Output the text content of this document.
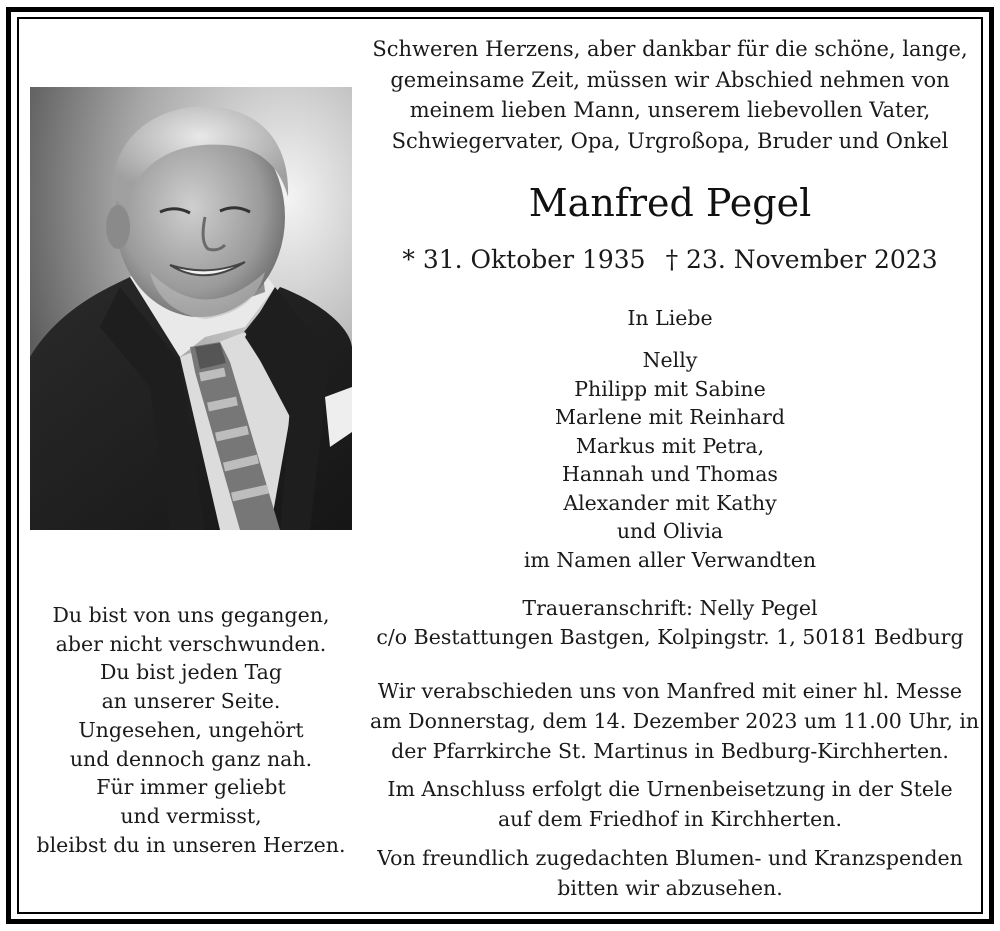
Schweren Herzens, aber dankbar für die schöne, lange,
gemeinsame Zeit, müssen wir Abschied nehmen von
meinem lieben Mann, unserem liebevollen Vater,
Schwiegervater, Opa, Urgroßopa, Bruder und Onkel
Manfred Pegel
* 31. Oktober 1935 † 23. November 2023
In Liebe
Nelly
Philipp mit Sabine
Marlene mit Reinhard
Markus mit Petra,
Hannah und Thomas
Alexander mit Kathy
und Olivia
im Namen aller Verwandten
Traueranschrift: Nelly Pegel
c/o Bestattungen Bastgen, Kolpingstr. 1, 50181 Bedburg
Wir verabschieden uns von Manfred mit einer hl. Messe
am Donnerstag, dem 14. Dezember 2023 um 11.00 Uhr, in
der Pfarrkirche St. Martinus in Bedburg-Kirchherten.
Im Anschluss erfolgt die Urnenbeisetzung in der Stele
auf dem Friedhof in Kirchherten.
Von freundlich zugedachten Blumen- und Kranzspenden
bitten wir abzusehen.
Du bist von uns gegangen,
aber nicht verschwunden.
Du bist jeden Tag
an unserer Seite.
Ungesehen, ungehört
und dennoch ganz nah.
Für immer geliebt
und vermisst,
bleibst du in unseren Herzen.
